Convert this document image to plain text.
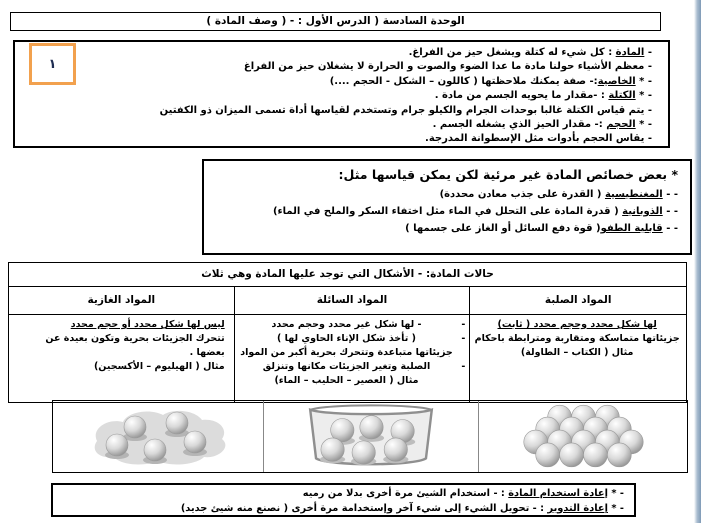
الوحدة السادسة ( الدرس الأول : - ( وصف المادة )
١
- المادة : كل شيء له كتلة ويشغل حيز من الفراغ.
- معظم الأشياء حولنا مادة ما عدا الضوء والصوت و الحرارة لا يشغلان حيز من الفراغ
- * الخاصية:- صفة يمكنك ملاحظتها ( كاللون – الشكل - الحجم ....)
- * الكتلة : -مقدار ما يحويه الجسم من مادة .
- يتم قياس الكتلة غالبا بوحدات الجرام والكيلو جرام وتستخدم لقياسها أداة تسمى الميزان ذو الكفتين
- * الحجم :- مقدار الحيز الذي يشغله الجسم .
- يقاس الحجم بأدوات مثل الإسطوانة المدرجة.
* بعض خصائص المادة غير مرئية لكن يمكن قياسها مثل:
- - المغنطيسية ( القدرة على جذب معادن محددة)
- - الذوبانية ( قدرة المادة على التحلل في الماء مثل اختفاء السكر والملح في الماء)
- - قابلية الطفو( قوة دفع السائل أو الغاز على جسمها )
حالات المادة: - الأشكال التي توجد عليها المادة وهي ثلاث
المواد الصلبة
المواد السائلة
المواد الغازية
لها شكل محدد وحجم محدد ( ثابت)
جزيئاتها متماسكة ومتقاربة ومترابطة باحكام
مثال ( الكتاب – الطاولة)
-
- لها شكل غير محدد وحجم محدد
-
( تأخذ شكل الإناء الحاوي لها )
جزيئاتها متباعدة وتتحرك بحرية أكبر من المواد
-
الصلبة وتغير الجزيئات مكانها وتنزلق
مثال ( العصير – الحليب – الماء)
ليس لها شكل محدد أو حجم محدد
تتحرك الجزيئات بحرية وتكون بعيدة عن
بعضها .
مثال ( الهيليوم – الأكسجين)
- * إعادة استخدام المادة : - استخدام الشيئ مرة أخرى بدلا من رميه
- * إعادة التدوير : - تحويل الشيء إلى شيء آخر وإستخدامة مرة أخرى ( نصنع منه شيئ جديد)
